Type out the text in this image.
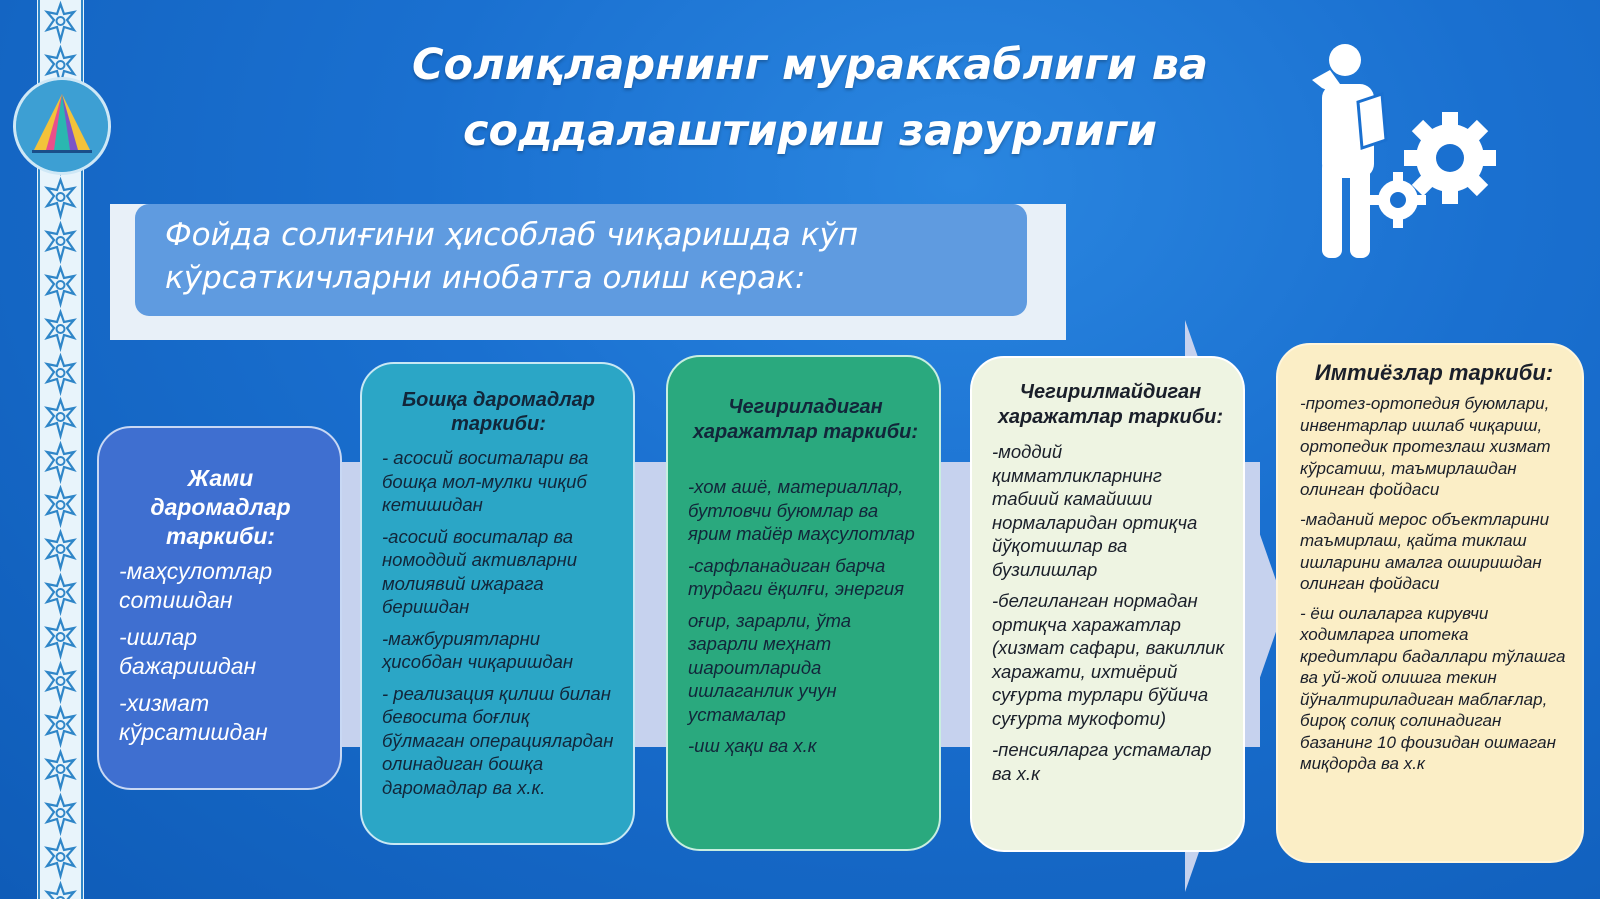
Солиқларнинг мураккаблиги ва
соддалаштириш зарурлиги
Фойда солиғини ҳисоблаб чиқаришда кўп
кўрсаткичларни инобатга олиш керак:

Жами даромадлар таркиби:

-маҳсулотлар сотишдан

-ишлар бажаришдан

-хизмат кўрсатишдан

Бошқа даромадлар таркиби:

- асосий воситалари ва бошқа мол-мулки чиқиб кетишидан

-асосий воситалар ва номоддий активларни молиявий ижарага беришдан

-мажбуриятларни ҳисобдан чиқаришдан

- реализация қилиш билан бевосита боғлиқ бўлмаган операциялардан олинадиган бошқа даромадлар ва х.к.

Чегириладиган харажатлар таркиби:

-хом ашё, материаллар, бутловчи буюмлар ва ярим тайёр маҳсулотлар

-сарфланадиган барча турдаги ёқилғи, энергия

оғир, зарарли, ўта зарарли меҳнат шароитларида ишлаганлик учун устамалар

-иш ҳақи ва х.к

Чегирилмайдиган харажатлар таркиби:

-моддий қимматликларнинг табиий камайиши нормаларидан ортиқча йўқотишлар ва бузилишлар

-белгиланган нормадан ортиқча харажатлар (хизмат сафари, вакиллик харажати, ихтиёрий суғурта турлари бўйича суғурта мукофоти)

-пенсияларга устамалар ва х.к

Имтиёзлар таркиби:

-протез-ортопедия буюмлари, инвентарлар ишлаб чиқариш, ортопедик протезлаш хизмат кўрсатиш, таъмирлашдан олинган фойдаси

-маданий мерос объектларини таъмирлаш, қайта тиклаш ишларини амалга оширишдан олинган фойдаси

- ёш оилаларга кирувчи ходимларга ипотека кредитлари бадаллари тўлашга ва уй-жой олишга текин йўналтириладиган маблағлар, бироқ солиқ солинадиган базанинг 10 фоизидан ошмаган миқдорда ва х.к
